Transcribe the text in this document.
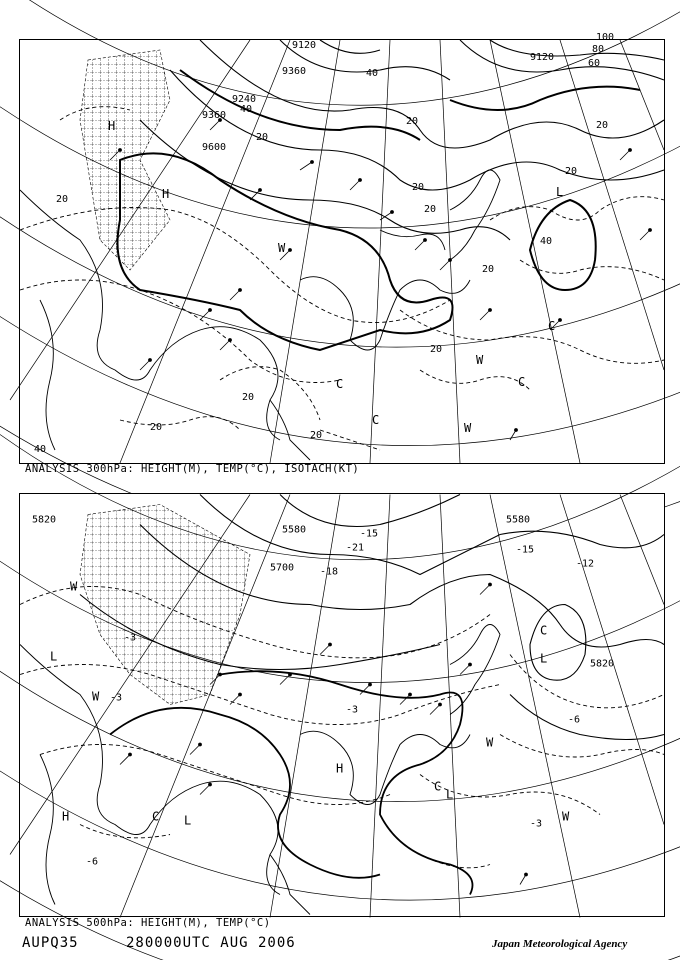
9120
9120
9240
9360
9600
9360
20
40
20
40
60
80
100
20
20
20
20
40
20
20
20
20
20
20
40
H
H
W
W
W
C
C
C
C
L
ANALYSIS 300hPa: HEIGHT(M), TEMP(°C), ISOTACH(KT)
5820
5580
5700
5580
5820
-21	-15
-15
-18
-12
-3
-3
-6
-6
-3
-3
W
W
W
W
L	L
L
L
H
H
C
C
C
ANALYSIS 500hPa: HEIGHT(M), TEMP(°C)
AUPQ35	280000UTC AUG 2006	Japan Meteorological Agency
